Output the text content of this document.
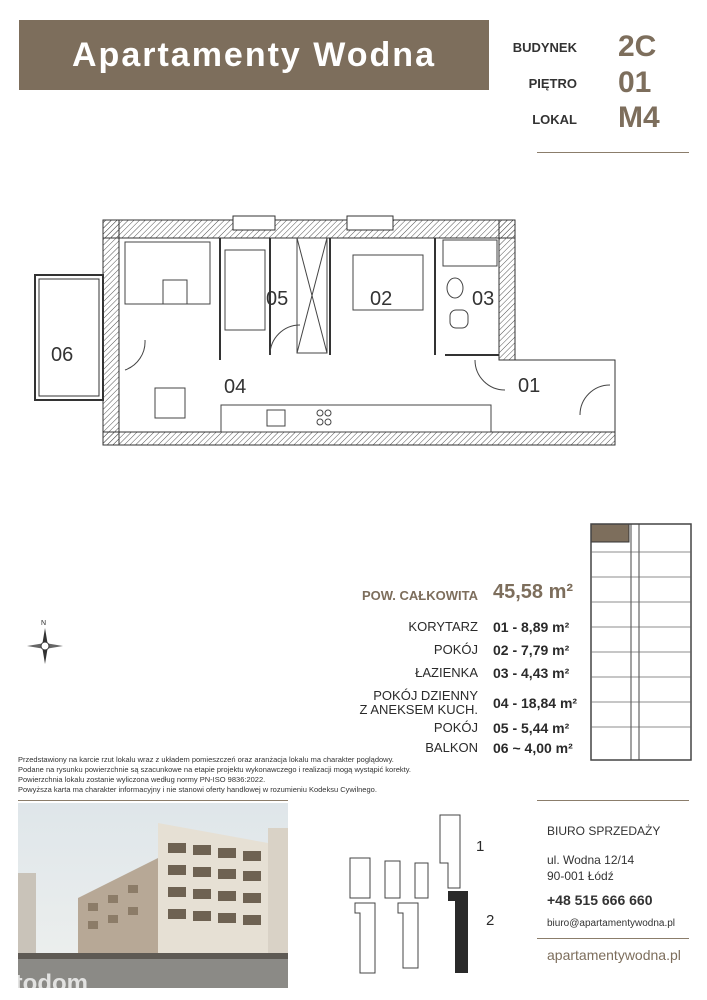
Apartamenty Wodna	BUDYNEK 2C
PIĘTRO 01
LOKAL M4
01
02	03
04
05
06
N
POW. CAŁKOWITA 45,58 m²
KORYTARZ 01 - 8,89 m²
POKÓJ 02 - 7,79 m²
ŁAZIENKA 03 - 4,43 m²
POKÓJ DZIENNY
Z ANEKSEM KUCH. 04 - 18,84 m²
POKÓJ 05 - 5,44 m²
BALKON 06 ~ 4,00 m²
Przedstawiony na karcie rzut lokalu wraz z układem pomieszczeń oraz aranżacja lokalu ma charakter poglądowy.
Podane na rysunku powierzchnie są szacunkowe na etapie projektu wykonawczego i realizacji mogą wystąpić korekty.
Powierzchnia lokalu zostanie wyliczona według normy PN-ISO 9836:2022.
Powyższa karta ma charakter informacyjny i nie stanowi oferty handlowej w rozumieniu Kodeksu Cywilnego.
otodom
1
2
BIURO SPRZEDAŻY
ul. Wodna 12/14
90-001 Łódź
+48 515 666 660
biuro@apartamentywodna.pl
apartamentywodna.pl
